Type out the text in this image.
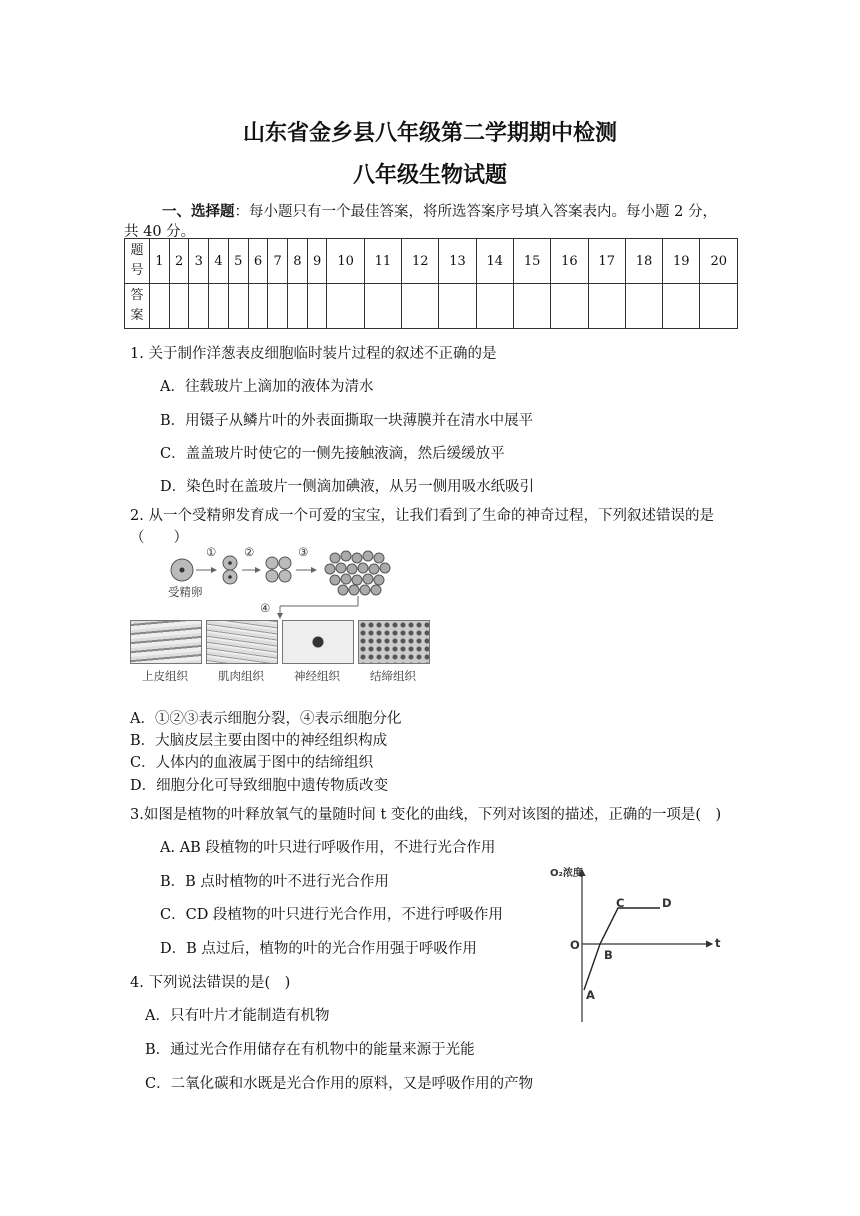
山东省金乡县八年级第二学期期中检测
八年级生物试题
一、选择题：每小题只有一个最佳答案，将所选答案序号填入答案表内。每小题 2 分，
共 40 分。
题
号	1	2	3	4	5	6	7	8	9	10	11	12	13	14	15	16	17	18	19	20

答
案																				

1. 关于制作洋葱表皮细胞临时装片过程的叙述不正确的是
A．往载玻片上滴加的液体为清水
B．用镊子从鳞片叶的外表面撕取一块薄膜并在清水中展平
C．盖盖玻片时使它的一侧先接触液滴，然后缓缓放平
D．染色时在盖玻片一侧滴加碘液，从另一侧用吸水纸吸引
2. 从一个受精卵发育成一个可爱的宝宝，让我们看到了生命的神奇过程，下列叙述错误的是
（　　）
① ②	③
④
受精卵
上皮组织	肌肉组织	神经组织	结缔组织
A．①②③表示细胞分裂，④表示细胞分化
B．大脑皮层主要由图中的神经组织构成
C．人体内的血液属于图中的结缔组织
D．细胞分化可导致细胞中遗传物质改变
3.如图是植物的叶释放氧气的量随时间 t 变化的曲线，下列对该图的描述，正确的一项是(　)
A. AB 段植物的叶只进行呼吸作用，不进行光合作用
B．B 点时植物的叶不进行光合作用
C．CD 段植物的叶只进行光合作用，不进行呼吸作用
D．B 点过后，植物的叶的光合作用强于呼吸作用
O₂浓度
t
O
A
B
C	D
4. 下列说法错误的是(　)
A．只有叶片才能制造有机物
B．通过光合作用储存在有机物中的能量来源于光能
C．二氧化碳和水既是光合作用的原料，又是呼吸作用的产物
